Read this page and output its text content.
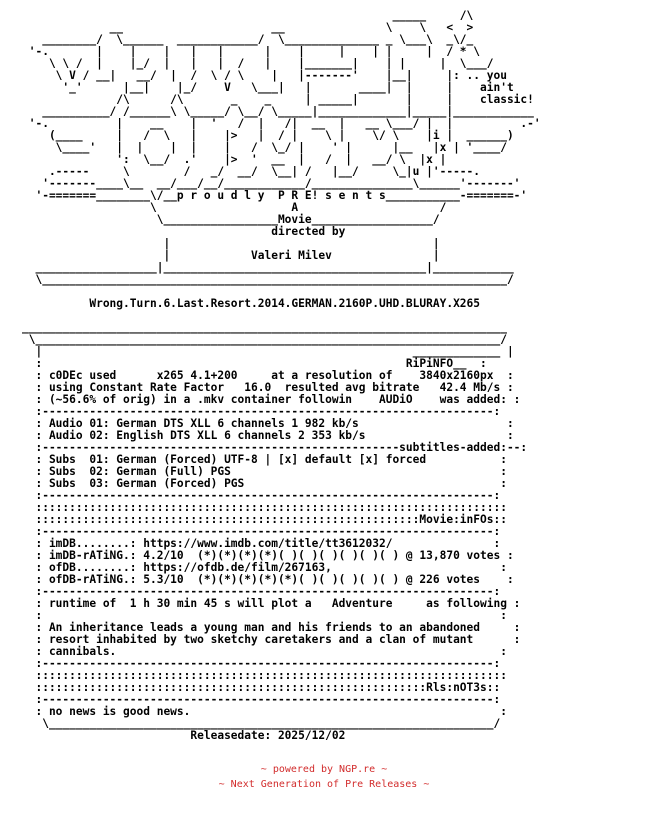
_____     /\
__                      __               \    \   <  >
________/  \______  ____________/  \______________ _ \___\  _\/_
'-.       |    |    |   |   |      |    |     |    | |     |  / * \
\ \ /  |    |_/  |   |   |  /   |    |_______|    | |     |  \___/
\ V / __|   __/  |  /  \ / \    |   |-------'    |__|     |: .. you
'_'      |__|    |_/    V   \___|   |       ____|  |     |    ain't
/\      /\       _    _     | _____|       |     |    classic!
__________/ /______\ \_____/ \__/ \_____|_____________|_____|____________
'-.          |    __    |  '   /  |   /|  __  |   __ \___/ |  |          .-'
(____     |   /  \   |    |>   |  / |    \ |    \/ \    |i |  ______)
\____'   |  |    |  |    |   /  \_/ |    ' |      |__   |x | '____/
':  \__/  .'    |>  '  __  |   /  |   __/ \  |x |
.-----     \        /   _/  __/  \__| /   |__/     \_|u |'-----.
'-------____\__  __/___/__/____________/_______________\______'-------'
'-=======________\/__p r o u d l y  P R E! s e n t s___________-=======-'
\                    A                     /
\_________________Movie__________________/
directed by
|                                       |
|            Valeri Milev               |
__________________|_______________________________________|____________
\_____________________________________________________________________/

Wrong.Turn.6.Last.Resort.2014.GERMAN.2160P.UHD.BLURAY.X265

________________________________________________________________________
\_____________________________________________________________________/
|                                                       _____________ |
:                                                      RiPiNFO__  :
: c0DEc used      x265 4.1+200     at a resolution of    3840x2160px  :
: using Constant Rate Factor   16.0  resulted avg bitrate   42.4 Mb/s :
: (~56.6% of orig) in a .mkv container followin    AUDiO    was added: :
:-------------------------------------------------------------------:
: Audio 01: German DTS XLL 6 channels 1 982 kb/s                      :
: Audio 02: English DTS XLL 6 channels 2 353 kb/s                     :
:-----------------------------------------------------subtitles-added:--:
: Subs  01: German (Forced) UTF-8 | [x] default [x] forced           :
: Subs  02: German (Full) PGS                                        :
: Subs  03: German (Forced) PGS                                      :
:-------------------------------------------------------------------:
::::::::::::::::::::::::::::::::::::::::::::::::::::::::::::::::::::::
:::::::::::::::::::::::::::::::::::::::::::::::::::::::::Movie:inFOs::
:-------------------------------------------------------------------:
: imDB........: https://www.imdb.com/title/tt3612032/               :
: imDB-rATiNG.: 4.2/10  (*)(*)(*)(*)( )( )( )( )( )( ) @ 13,870 votes :
: ofDB........: https://ofdb.de/film/267163,                         :
: ofDB-rATiNG.: 5.3/10  (*)(*)(*)(*)(*)( )( )( )( )( ) @ 226 votes    :
:-------------------------------------------------------------------:
: runtime of  1 h 30 min 45 s will plot a   Adventure     as following :
:                                                                    :
: An inheritance leads a young man and his friends to an abandoned     :
: resort inhabited by two sketchy caretakers and a clan of mutant      :
: cannibals.                                                         :
:-------------------------------------------------------------------:
::::::::::::::::::::::::::::::::::::::::::::::::::::::::::::::::::::::
::::::::::::::::::::::::::::::::::::::::::::::::::::::::::Rls:nOT3s::
:-------------------------------------------------------------------:
: no news is good news.                                              :
\__________________________________________________________________/
Releasedate: 2025/12/02

~ powered by NGP.re ~
~ Next Generation of Pre Releases ~
